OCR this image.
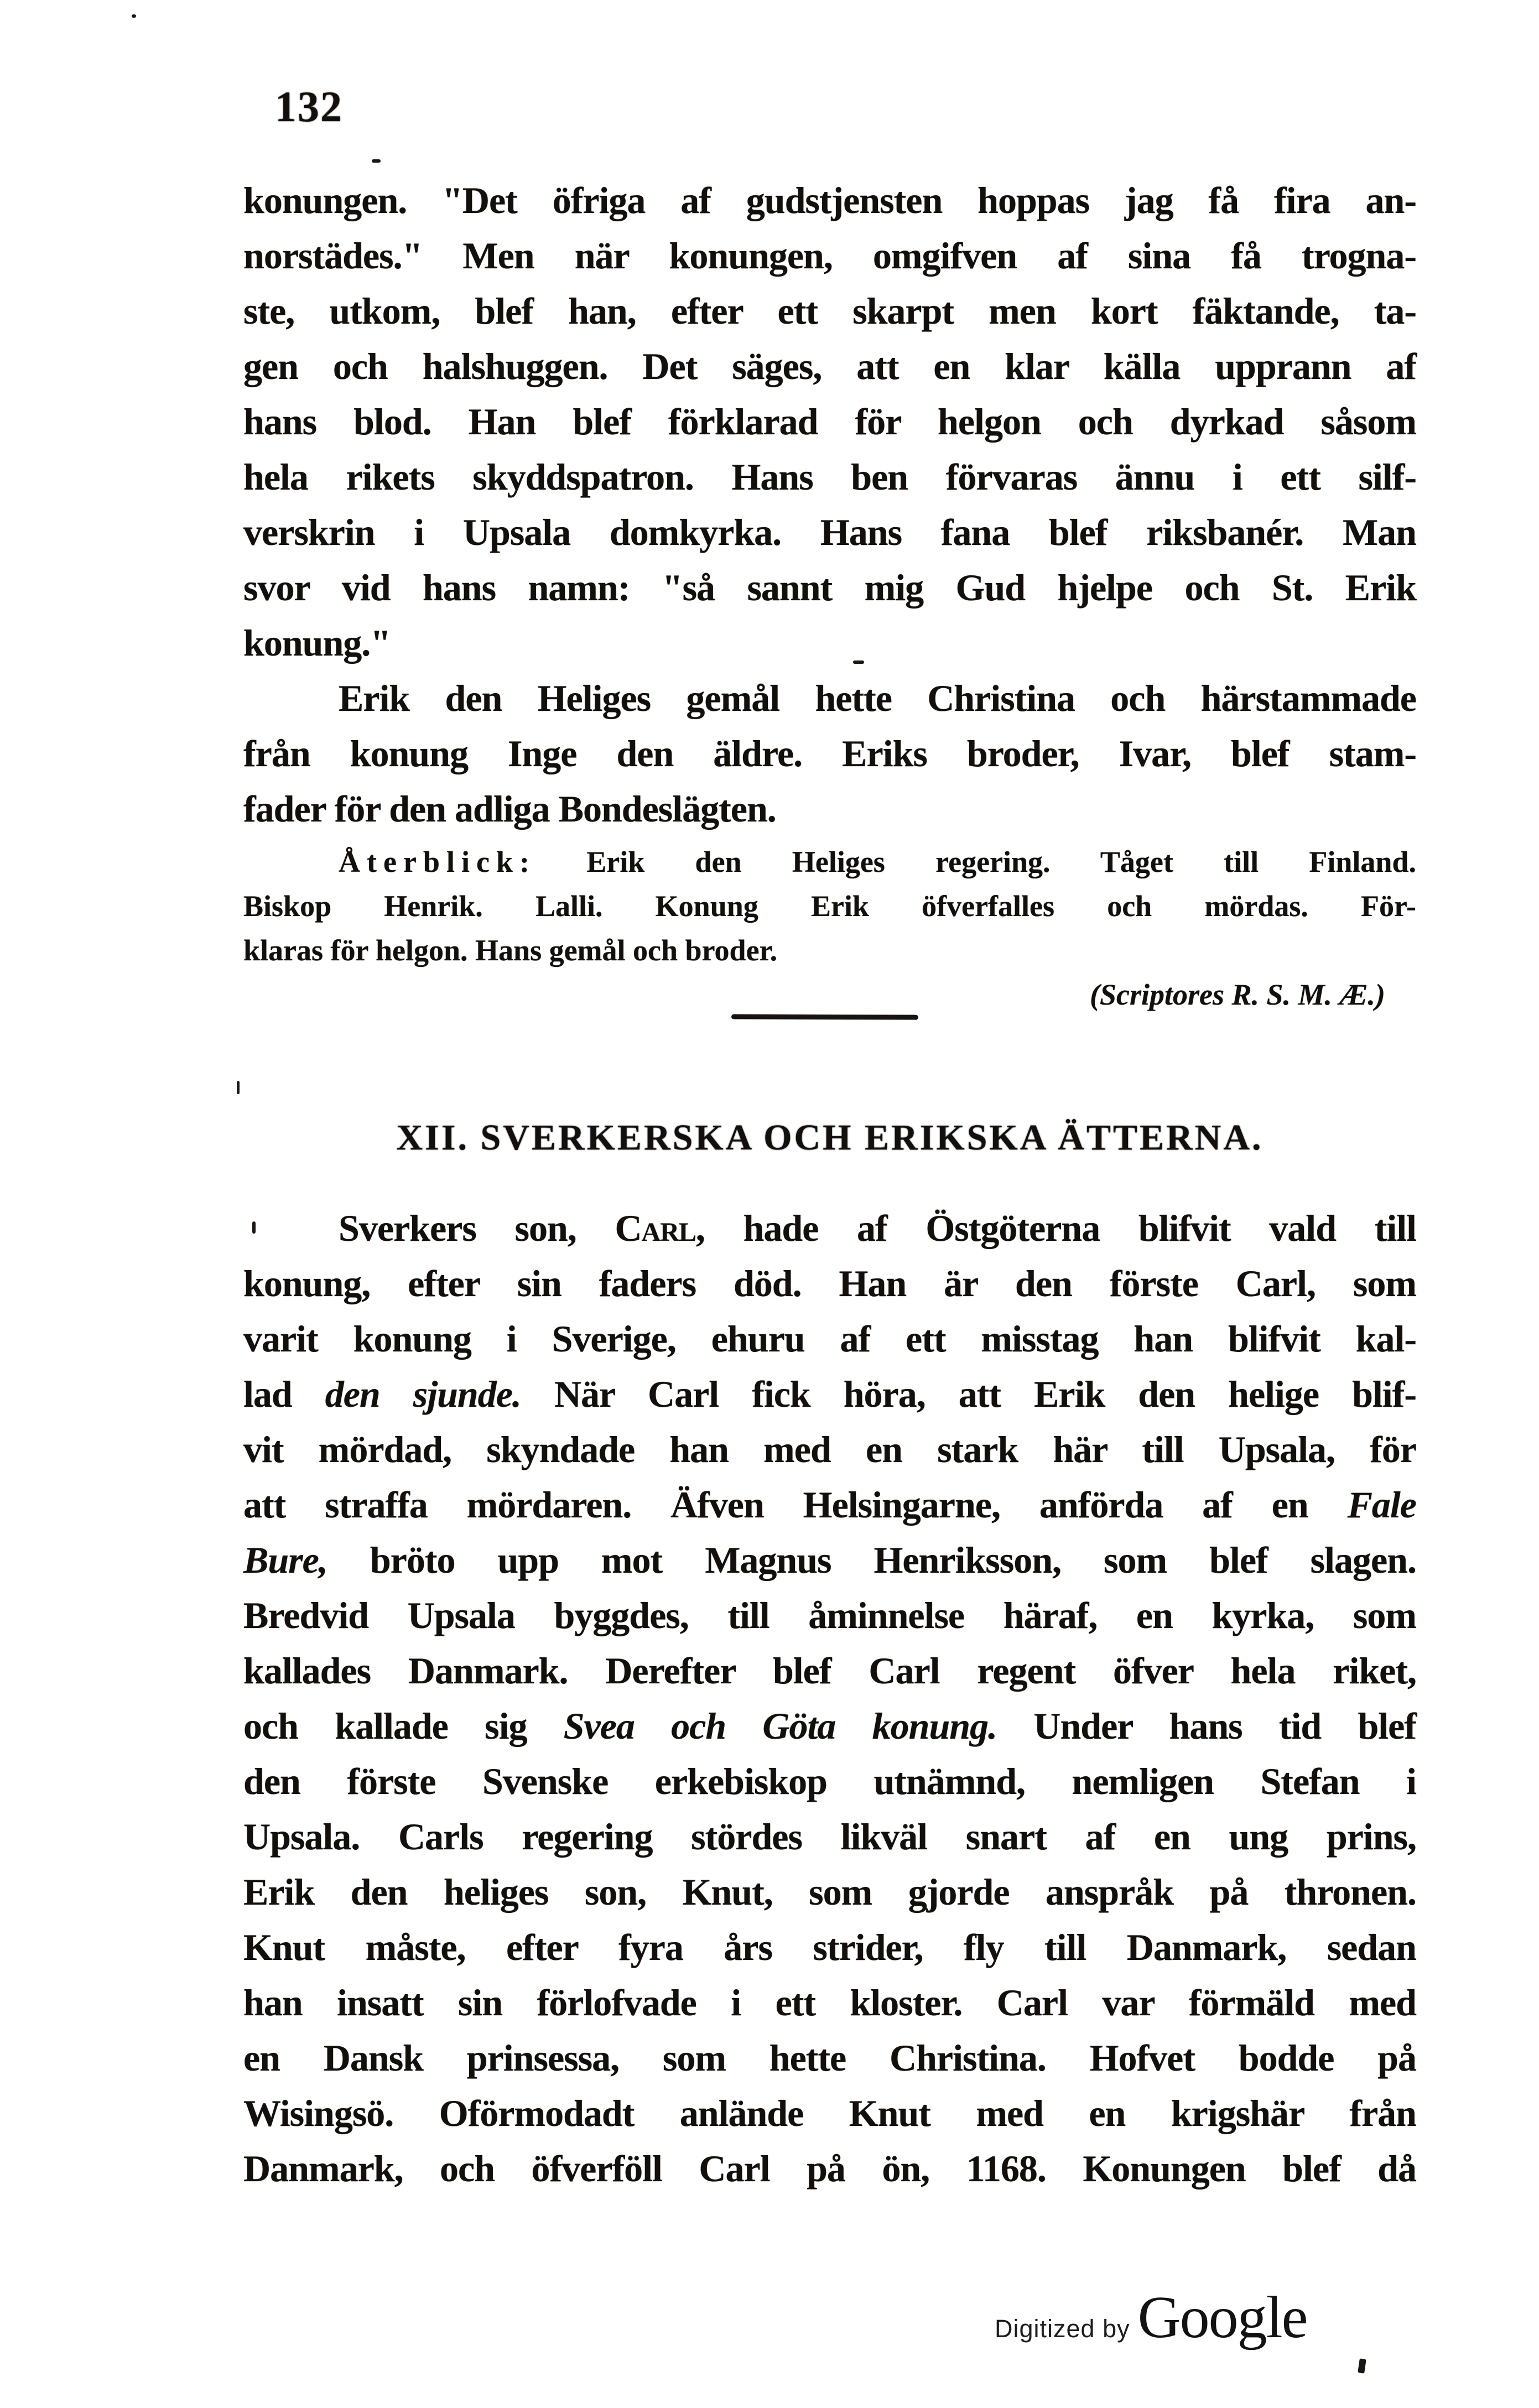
132
konungen. "Det öfriga af gudstjensten hoppas jag få fira an-
norstädes." Men när konungen, omgifven af sina få trogna-
ste, utkom, blef han, efter ett skarpt men kort fäktande, ta-
gen och halshuggen. Det säges, att en klar källa upprann af
hans blod. Han blef förklarad för helgon och dyrkad såsom
hela rikets skyddspatron. Hans ben förvaras ännu i ett silf-
verskrin i Upsala domkyrka. Hans fana blef riksbanér. Man
svor vid hans namn: "så sannt mig Gud hjelpe och St. Erik
konung."
Erik den Heliges gemål hette Christina och härstammade
från konung Inge den äldre. Eriks broder, Ivar, blef stam-
fader för den adliga Bondeslägten.
Återblick: Erik den Heliges regering. Tåget till Finland.
Biskop Henrik. Lalli. Konung Erik öfverfalles och mördas. För-
klaras för helgon. Hans gemål och broder.
(Scriptores R. S. M. Æ.)
XII. SVERKERSKA OCH ERIKSKA ÄTTERNA.
Sverkers son, Carl, hade af Östgöterna blifvit vald till
konung, efter sin faders död. Han är den förste Carl, som
varit konung i Sverige, ehuru af ett misstag han blifvit kal-
lad den sjunde. När Carl fick höra, att Erik den helige blif-
vit mördad, skyndade han med en stark här till Upsala, för
att straffa mördaren. Äfven Helsingarne, anförda af en Fale
Bure, bröto upp mot Magnus Henriksson, som blef slagen.
Bredvid Upsala byggdes, till åminnelse häraf, en kyrka, som
kallades Danmark. Derefter blef Carl regent öfver hela riket,
och kallade sig Svea och Göta konung. Under hans tid blef
den förste Svenske erkebiskop utnämnd, nemligen Stefan i
Upsala. Carls regering stördes likväl snart af en ung prins,
Erik den heliges son, Knut, som gjorde anspråk på thronen.
Knut måste, efter fyra års strider, fly till Danmark, sedan
han insatt sin förlofvade i ett kloster. Carl var förmäld med
en Dansk prinsessa, som hette Christina. Hofvet bodde på
Wisingsö. Oförmodadt anlände Knut med en krigshär från
Danmark, och öfverföll Carl på ön, 1168. Konungen blef då
Digitized by Google
